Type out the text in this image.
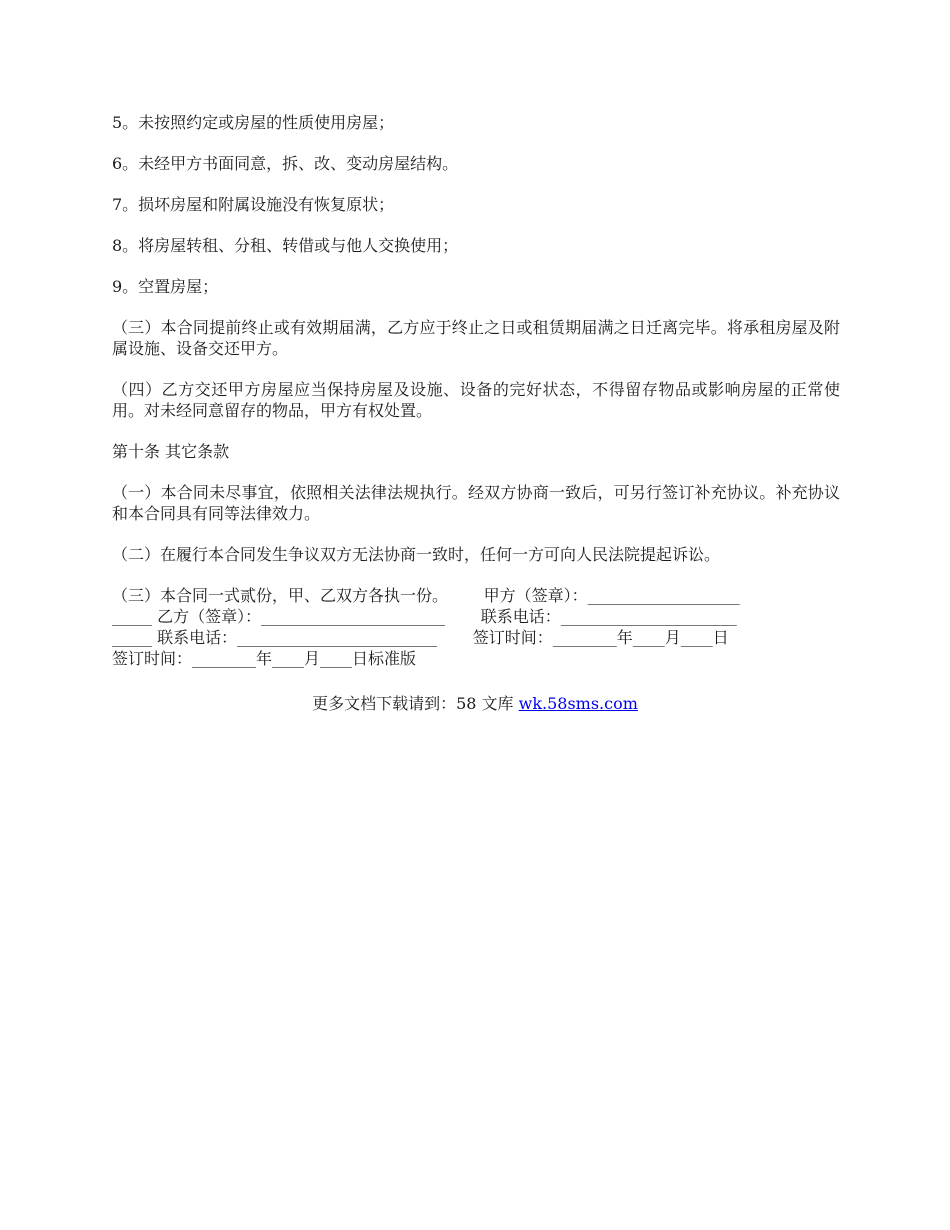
5。未按照约定或房屋的性质使用房屋；

6。未经甲方书面同意，拆、改、变动房屋结构。

7。损坏房屋和附属设施没有恢复原状；

8。将房屋转租、分租、转借或与他人交换使用；

9。空置房屋；

（三）本合同提前终止或有效期届满，乙方应于终止之日或租赁期届满之日迁离完毕。将承租房屋及附属设施、设备交还甲方。

（四）乙方交还甲方房屋应当保持房屋及设施、设备的完好状态，不得留存物品或影响房屋的正常使用。对未经同意留存的物品，甲方有权处置。

第十条 其它条款

（一）本合同未尽事宜，依照相关法律法规执行。经双方协商一致后，可另行签订补充协议。补充协议和本合同具有同等法律效力。

（二）在履行本合同发生争议双方无法协商一致时，任何一方可向人民法院提起诉讼。

（三）本合同一式贰份，甲、乙双方各执一份。       甲方（签章）：___________________
_____ 乙方（签章）：_______________________       联系电话：______________________
_____ 联系电话：_________________________       签订时间：________年____月____日
签订时间：________年____月____日标准版
更多文档下载请到：58 文库 wk.58sms.com
